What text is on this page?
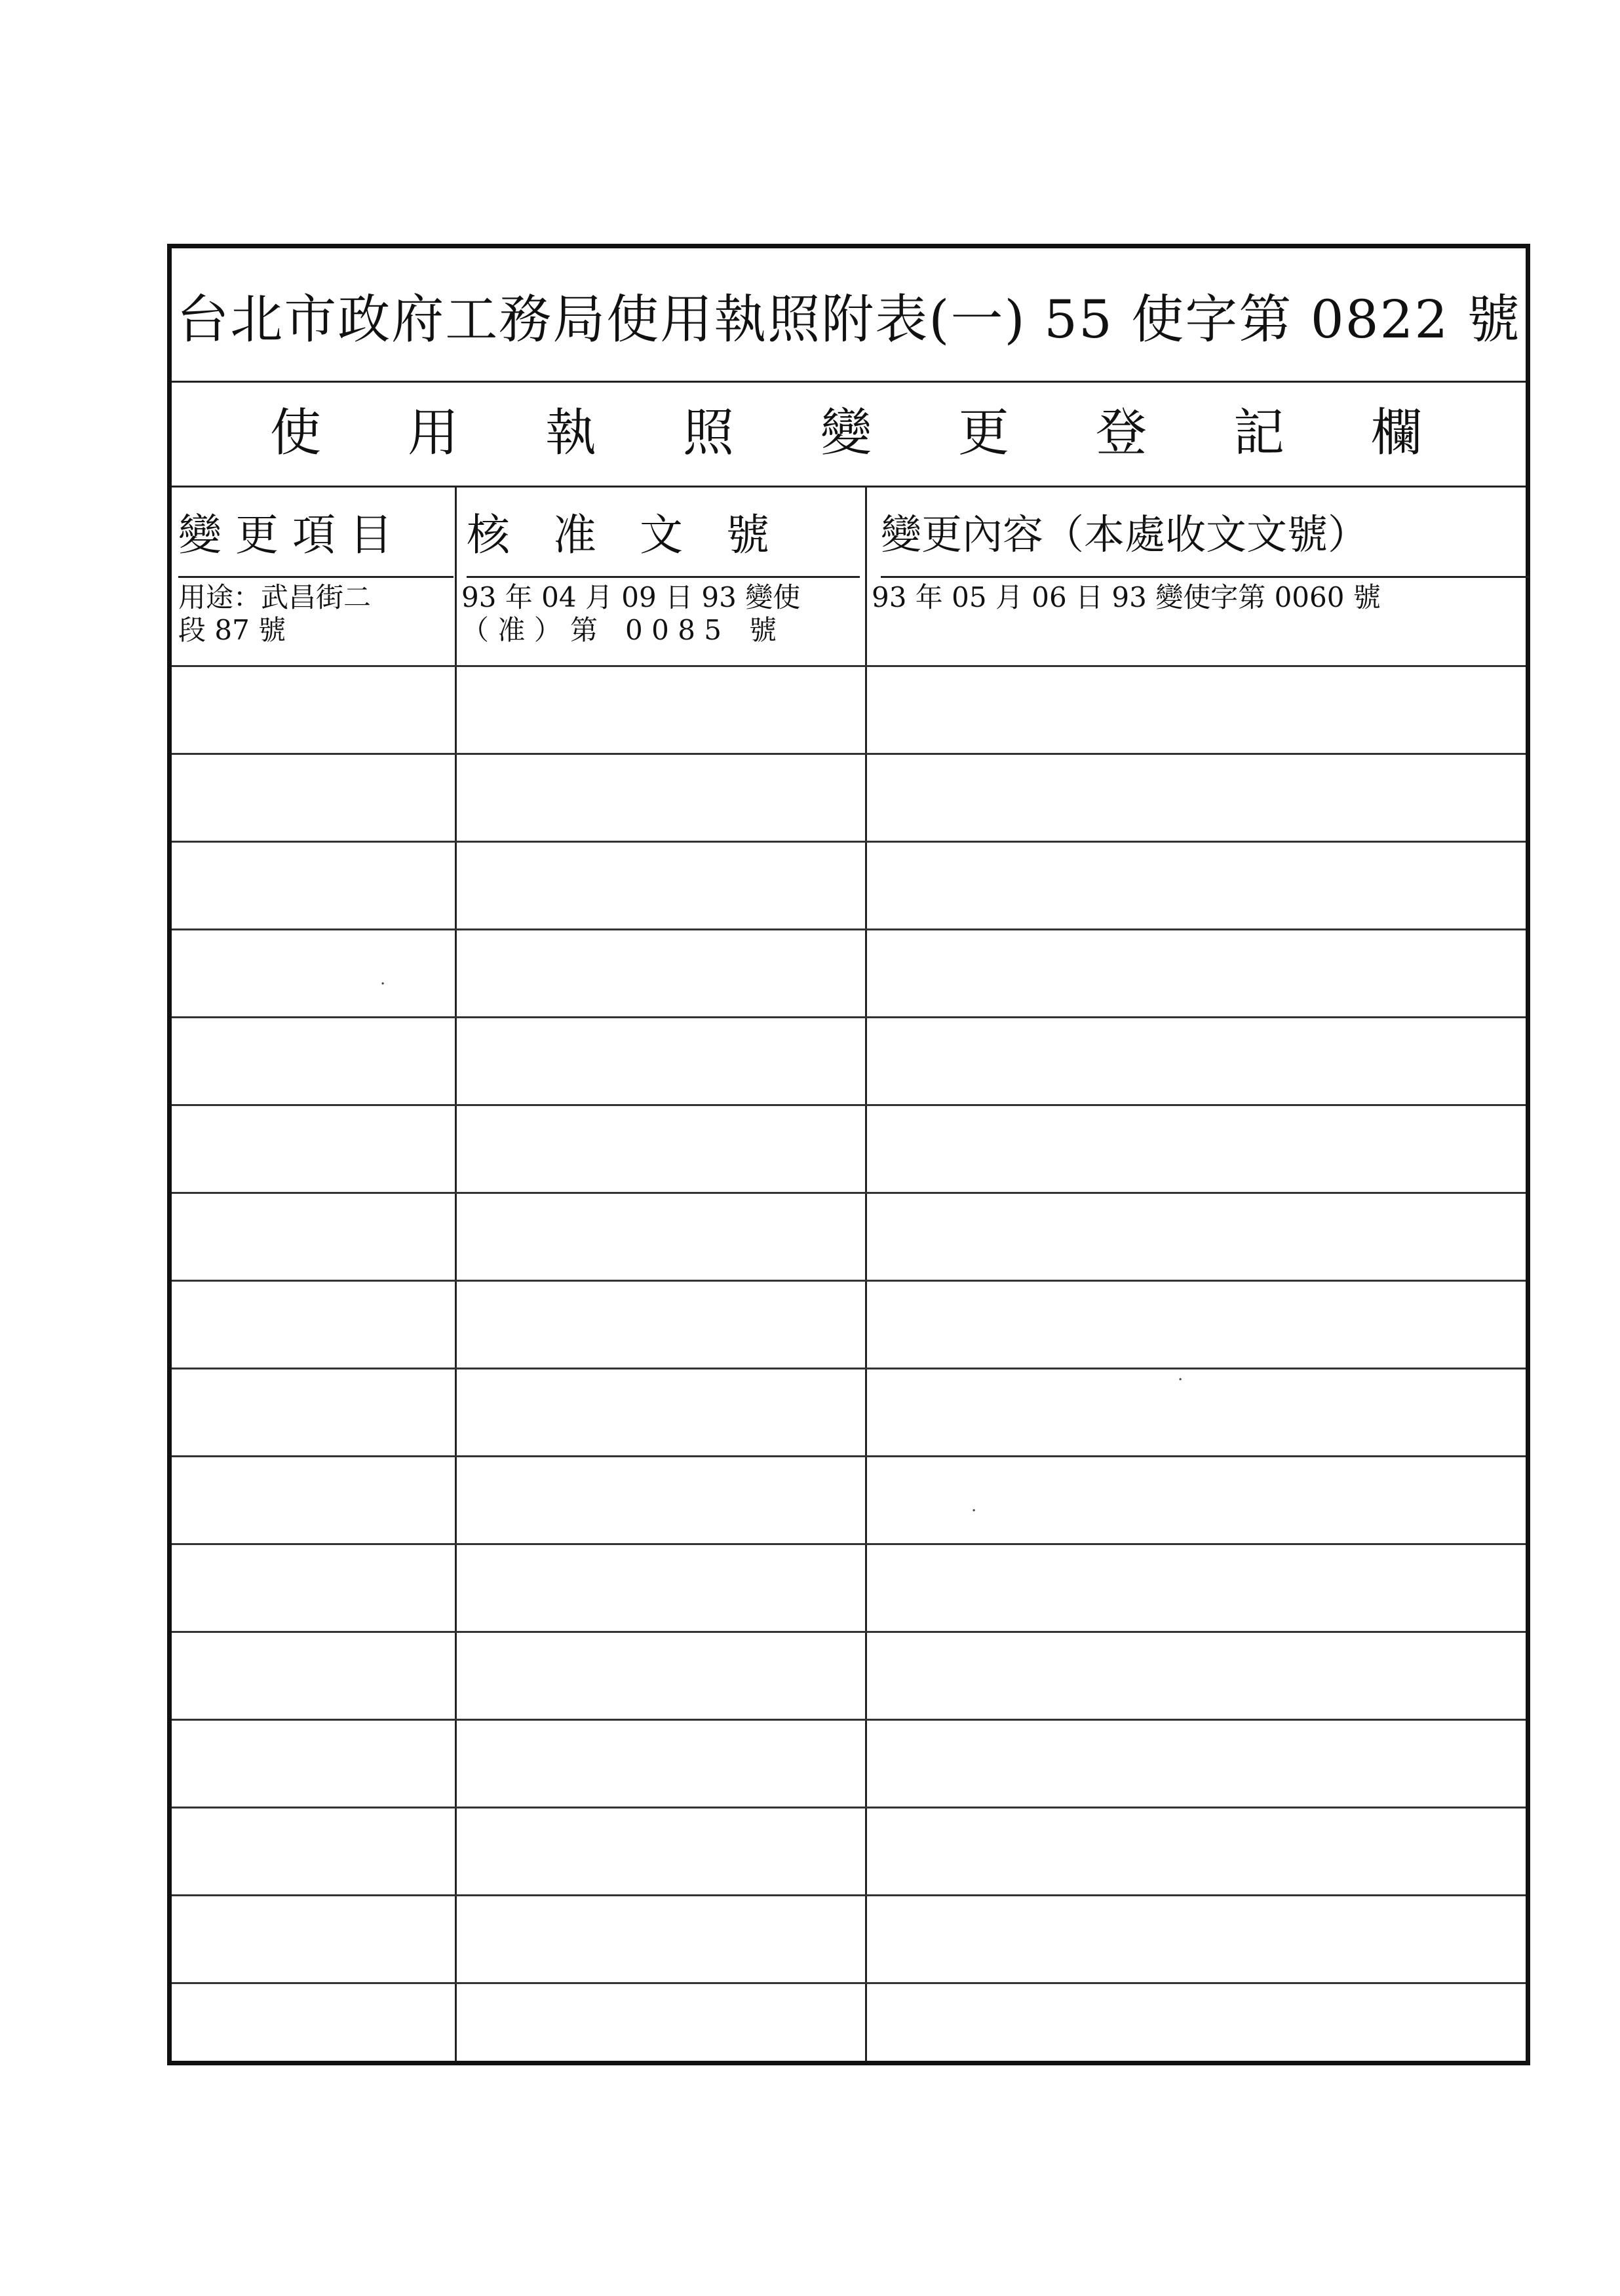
台北市政府工務局使用執照附表(一) 55 使字第 0822 號
使 用 執 照 變 更 登 記 欄
變 更 項 目	核　准　文　號	變更內容（本處收文文號）
用途：武昌街二
段 87 號
93 年 04 月 09 日 93 變使
（ 准 ） 第　0 0 8 5　號
93 年 05 月 06 日 93 變使字第 0060 號
·
·
·
